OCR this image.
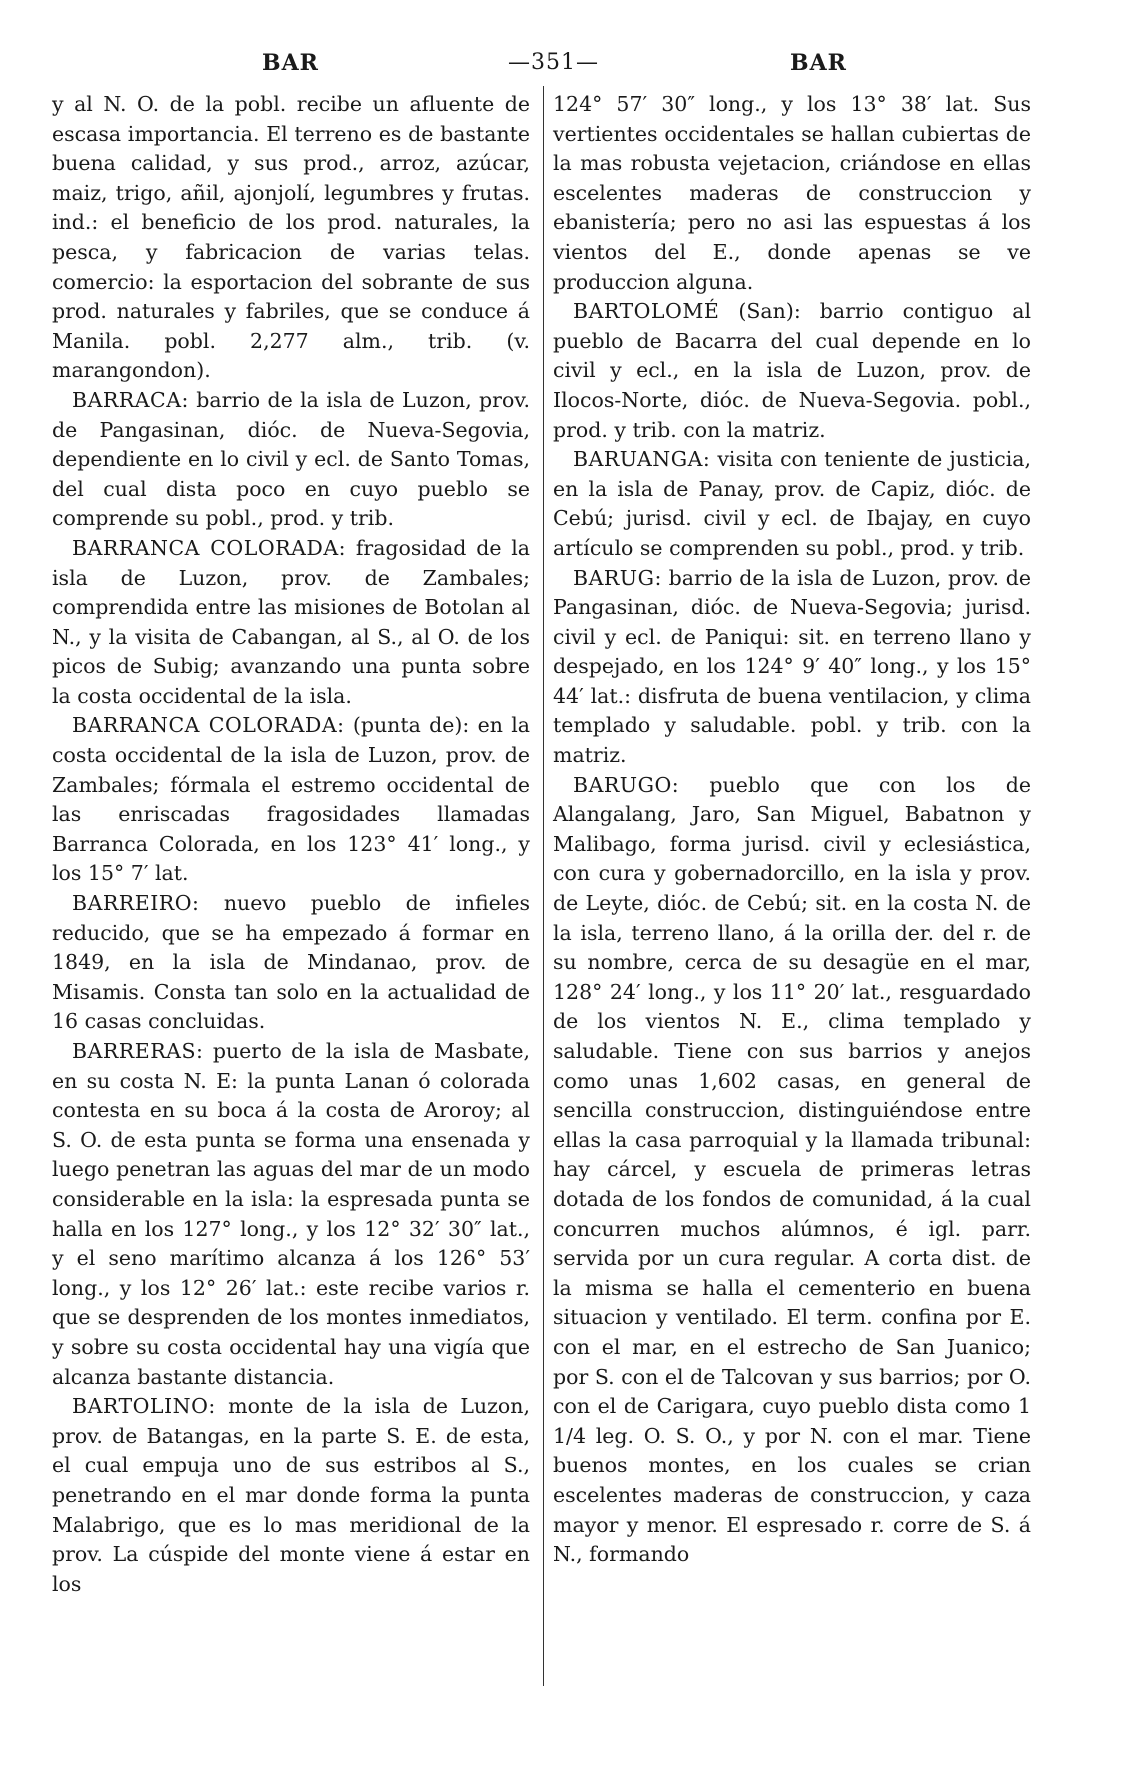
BAR	—351—	BAR

y al N. O. de la pobl. recibe un afluente de escasa importancia. El terreno es de bastante buena calidad, y sus prod., arroz, azúcar, maiz, trigo, añil, ajonjolí, legumbres y frutas. ind.: el beneficio de los prod. naturales, la pesca, y fabricacion de varias telas. comercio: la esportacion del sobrante de sus prod. naturales y fabriles, que se conduce á Manila. pobl. 2,277 alm., trib. (v. marangondon).

BARRACA: barrio de la isla de Luzon, prov. de Pangasinan, dióc. de Nueva-Segovia, dependiente en lo civil y ecl. de Santo Tomas, del cual dista poco en cuyo pueblo se comprende su pobl., prod. y trib.

BARRANCA COLORADA: fragosidad de la isla de Luzon, prov. de Zambales; comprendida entre las misiones de Botolan al N., y la visita de Cabangan, al S., al O. de los picos de Subig; avanzando una punta sobre la costa occidental de la isla.

BARRANCA COLORADA: (punta de): en la costa occidental de la isla de Luzon, prov. de Zambales; fórmala el estremo occidental de las enriscadas fragosidades llamadas Barranca Colorada, en los 123° 41′ long., y los 15° 7′ lat.

BARREIRO: nuevo pueblo de infieles reducido, que se ha empezado á formar en 1849, en la isla de Mindanao, prov. de Misamis. Consta tan solo en la actualidad de 16 casas concluidas.

BARRERAS: puerto de la isla de Masbate, en su costa N. E: la punta Lanan ó colorada contesta en su boca á la costa de Aroroy; al S. O. de esta punta se forma una ensenada y luego penetran las aguas del mar de un modo considerable en la isla: la espresada punta se halla en los 127° long., y los 12° 32′ 30″ lat., y el seno marítimo alcanza á los 126° 53′ long., y los 12° 26′ lat.: este recibe varios r. que se desprenden de los montes inmediatos, y sobre su costa occidental hay una vigía que alcanza bastante distancia.

BARTOLINO: monte de la isla de Luzon, prov. de Batangas, en la parte S. E. de esta, el cual empuja uno de sus estribos al S., penetrando en el mar donde forma la punta Malabrigo, que es lo mas meridional de la prov. La cúspide del monte viene á estar en los

124° 57′ 30″ long., y los 13° 38′ lat. Sus vertientes occidentales se hallan cubiertas de la mas robusta vejetacion, criándose en ellas escelentes maderas de construccion y ebanistería; pero no asi las espuestas á los vientos del E., donde apenas se ve produccion alguna.

BARTOLOMÉ (San): barrio contiguo al pueblo de Bacarra del cual depende en lo civil y ecl., en la isla de Luzon, prov. de Ilocos-Norte, dióc. de Nueva-Segovia. pobl., prod. y trib. con la matriz.

BARUANGA: visita con teniente de justicia, en la isla de Panay, prov. de Capiz, dióc. de Cebú; jurisd. civil y ecl. de Ibajay, en cuyo artículo se comprenden su pobl., prod. y trib.

BARUG: barrio de la isla de Luzon, prov. de Pangasinan, dióc. de Nueva-Segovia; jurisd. civil y ecl. de Paniqui: sit. en terreno llano y despejado, en los 124° 9′ 40″ long., y los 15° 44′ lat.: disfruta de buena ventilacion, y clima templado y saludable. pobl. y trib. con la matriz.

BARUGO: pueblo que con los de Alangalang, Jaro, San Miguel, Babatnon y Malibago, forma jurisd. civil y eclesiástica, con cura y gobernadorcillo, en la isla y prov. de Leyte, dióc. de Cebú; sit. en la costa N. de la isla, terreno llano, á la orilla der. del r. de su nombre, cerca de su desagüe en el mar, 128° 24′ long., y los 11° 20′ lat., resguardado de los vientos N. E., clima templado y saludable. Tiene con sus barrios y anejos como unas 1,602 casas, en general de sencilla construccion, distinguiéndose entre ellas la casa parroquial y la llamada tribunal: hay cárcel, y escuela de primeras letras dotada de los fondos de comunidad, á la cual concurren muchos alúmnos, é igl. parr. servida por un cura regular. A corta dist. de la misma se halla el cementerio en buena situacion y ventilado. El term. confina por E. con el mar, en el estrecho de San Juanico; por S. con el de Talcovan y sus barrios; por O. con el de Carigara, cuyo pueblo dista como 1 1/4 leg. O. S. O., y por N. con el mar. Tiene buenos montes, en los cuales se crian escelentes maderas de construccion, y caza mayor y menor. El espresado r. corre de S. á N., formando
